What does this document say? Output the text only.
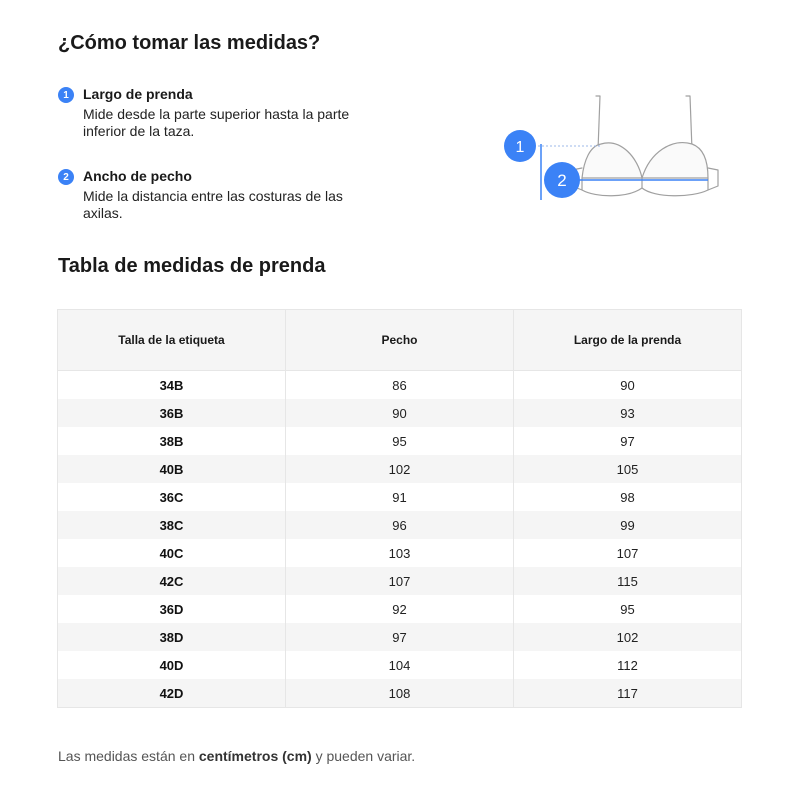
¿Cómo tomar las medidas?
1	Largo de prenda
Mide desde la parte superior hasta la parte inferior de la taza.
2	Ancho de pecho
Mide la distancia entre las costuras de las axilas.
1
2
Tabla de medidas de prenda
Talla de la etiqueta	Pecho	Largo de la prenda
34B	86	90
36B	90	93
38B	95	97
40B	102	105
36C	91	98
38C	96	99
40C	103	107
42C	107	115
36D	92	95
38D	97	102
40D	104	112
42D	108	117
Las medidas están en centímetros (cm) y pueden variar.
